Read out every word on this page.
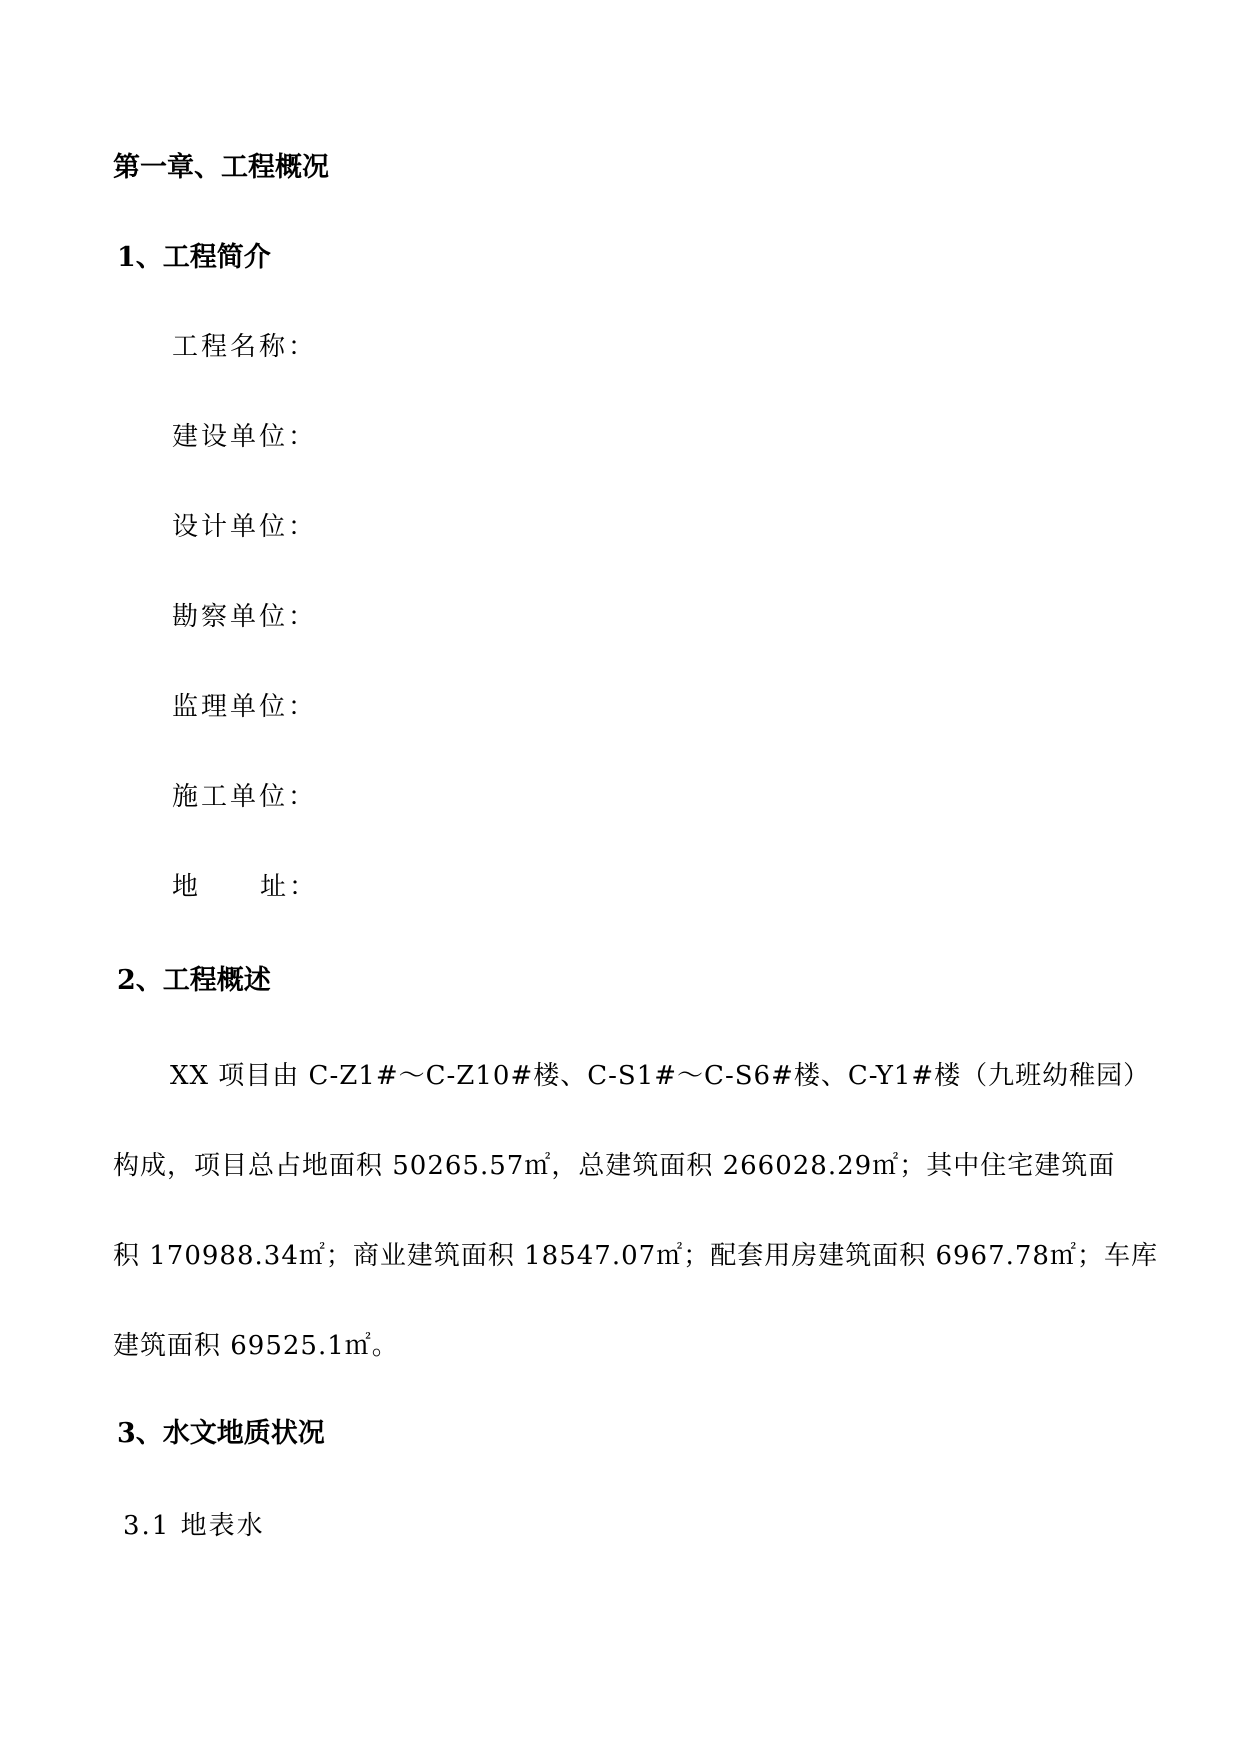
第一章、工程概况
1、工程简介
工程名称：
建设单位：
设计单位：
勘察单位：
监理单位：
施工单位：
地 址：
2、工程概述
XX 项目由 C-Z1#～C-Z10#楼、C-S1#～C-S6#楼、C-Y1#楼（九班幼稚园）
构成，项目总占地面积 50265.57㎡，总建筑面积 266028.29㎡；其中住宅建筑面
积 170988.34㎡；商业建筑面积 18547.07㎡；配套用房建筑面积 6967.78㎡；车库
建筑面积 69525.1㎡。
3、水文地质状况
3.1 地表水
